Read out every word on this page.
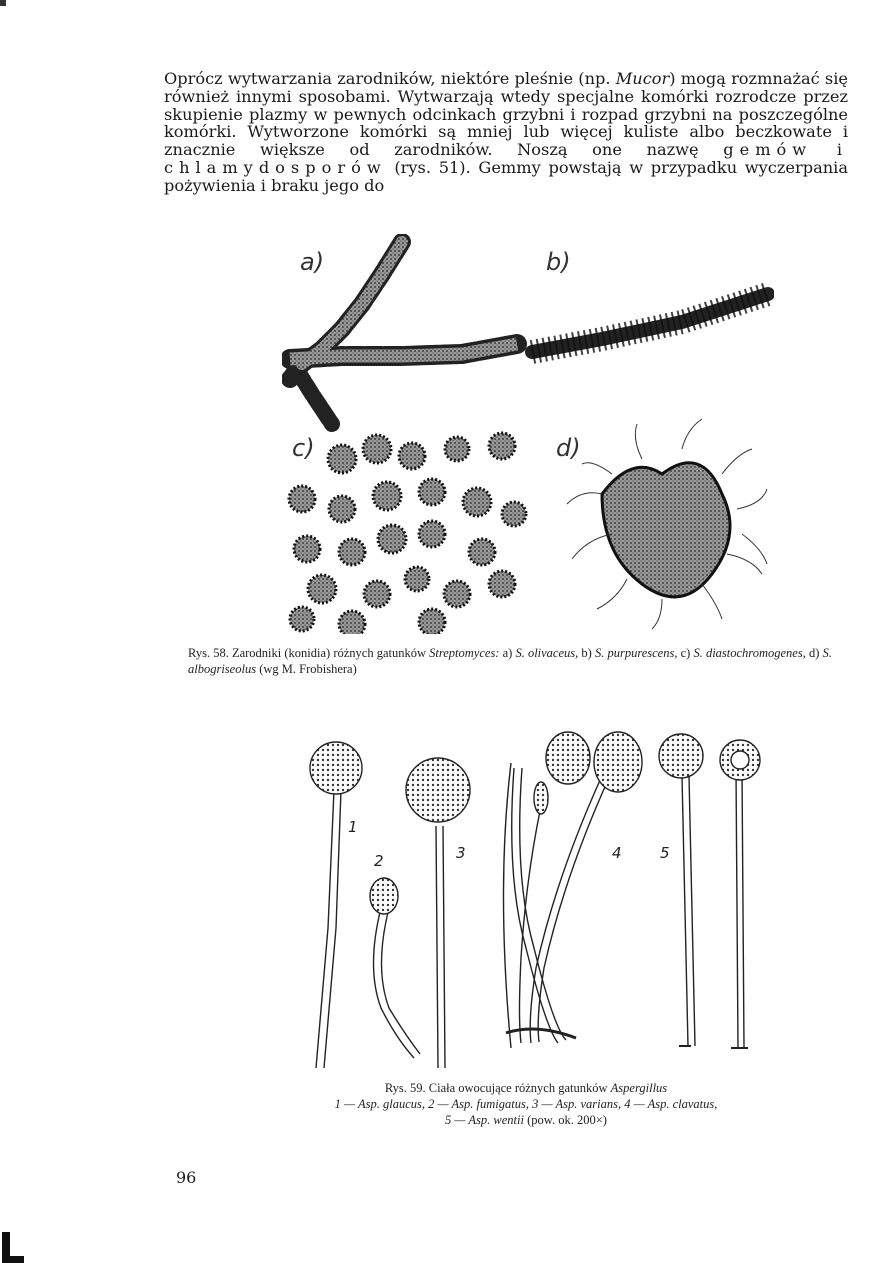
Oprócz wytwarzania zarodników, niektóre pleśnie (np. Mucor) mogą rozmnażać się również innymi sposobami. Wytwarzają wtedy specjalne komórki rozrodcze przez skupienie plazmy w pewnych odcinkach grzybni i rozpad grzybni na poszczególne komórki. Wytworzone komórki są mniej lub więcej kuliste albo beczkowate i znacznie większe od zarodników. Noszą one nazwę gemów i chlamydosporów (rys. 51). Gemmy powstają w przypadku wyczerpania pożywienia i braku jego do

a)	b)
c)	d)
Rys. 58. Zarodniki (konidia) różnych gatunków Streptomyces: a) S. olivaceus, b) S. purpurescens, c) S. diastochromogenes, d) S. albogriseolus (wg M. Frobishera)
1
2	3	4	5
Rys. 59. Ciała owocujące różnych gatunków Aspergillus
1 — Asp. glaucus, 2 — Asp. fumigatus, 3 — Asp. varians, 4 — Asp. clavatus,
5 — Asp. wentii (pow. ok. 200×)
96
